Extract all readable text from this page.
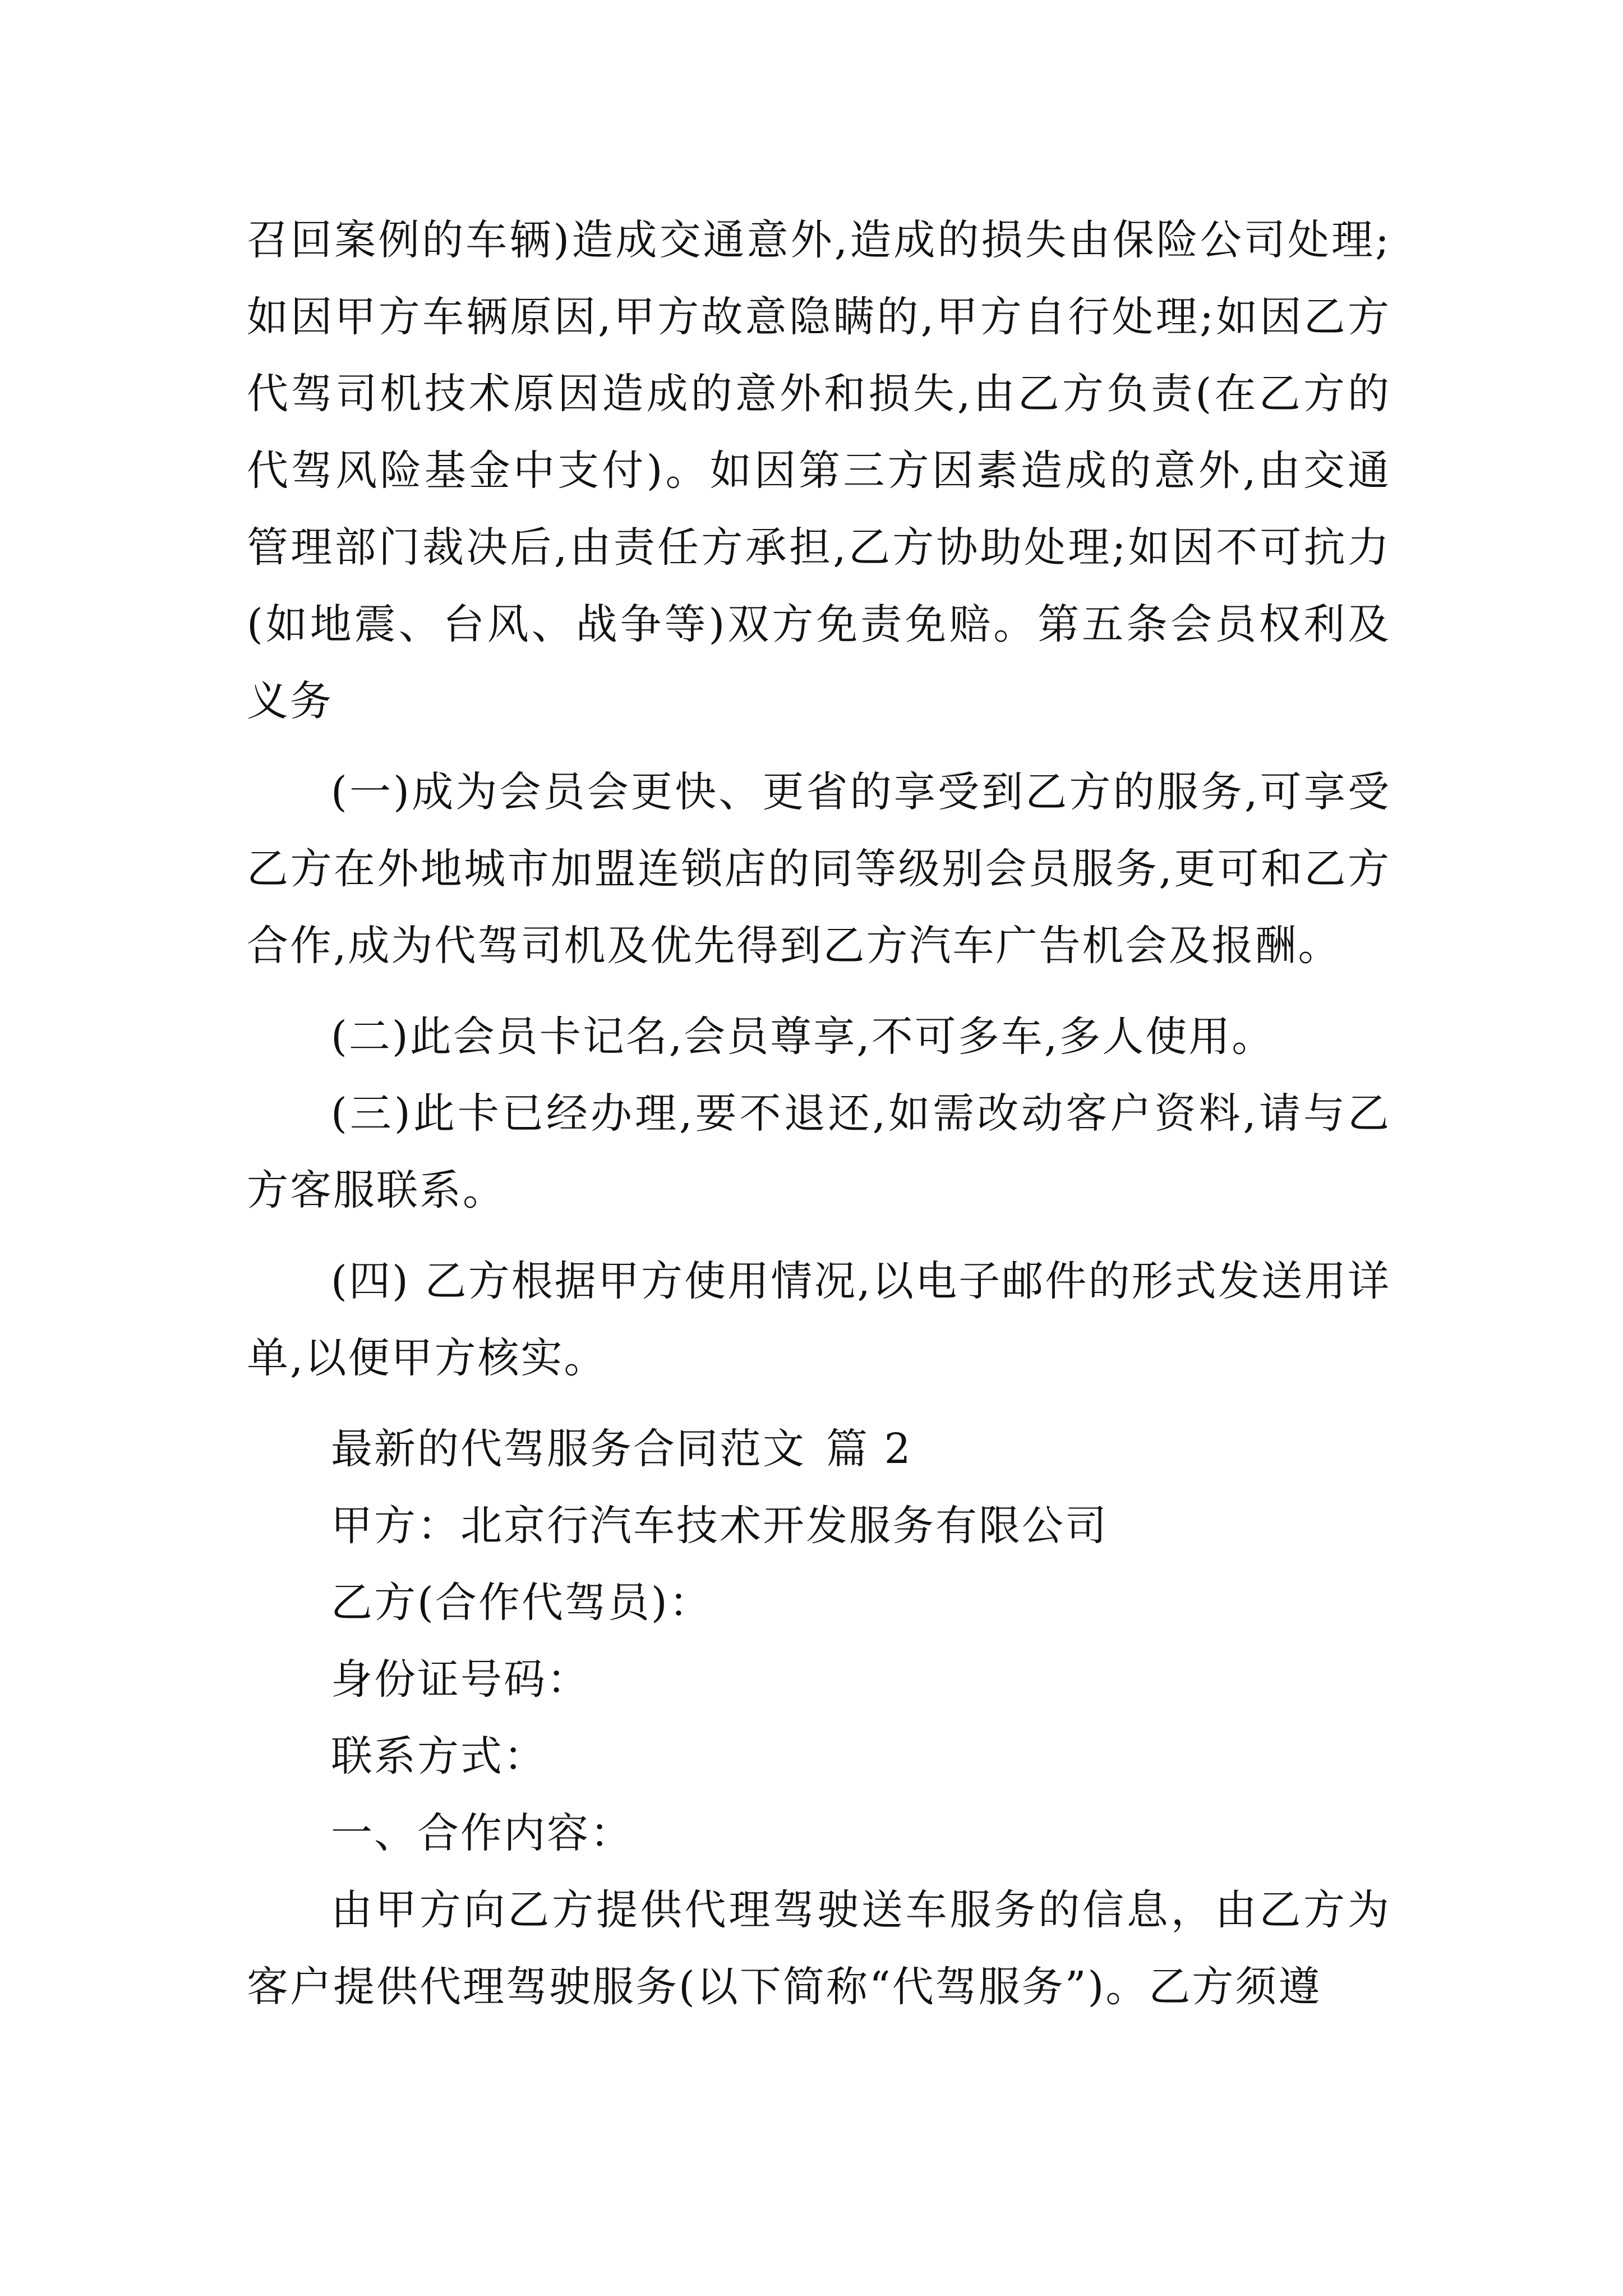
召回案例的车辆)造成交通意外,造成的损失由保险公司处理;如因甲方车辆原因,甲方故意隐瞒的,甲方自行处理;如因乙方代驾司机技术原因造成的意外和损失,由乙方负责(在乙方的代驾风险基金中支付)。如因第三方因素造成的意外,由交通管理部门裁决后,由责任方承担,乙方协助处理;如因不可抗力(如地震、台风、战争等)双方免责免赔。第五条会员权利及义务

(一)成为会员会更快、更省的享受到乙方的服务,可享受乙方在外地城市加盟连锁店的同等级别会员服务,更可和乙方合作,成为代驾司机及优先得到乙方汽车广告机会及报酬。

(二)此会员卡记名,会员尊享,不可多车,多人使用。

(三)此卡已经办理,要不退还,如需改动客户资料,请与乙方客服联系。

(四) 乙方根据甲方使用情况,以电子邮件的形式发送用详单,以便甲方核实。

最新的代驾服务合同范文 篇 2

甲方：北京行汽车技术开发服务有限公司

乙方(合作代驾员)：

身份证号码：

联系方式：

一、合作内容：

由甲方向乙方提供代理驾驶送车服务的信息，由乙方为客户提供代理驾驶服务(以下简称“代驾服务”)。乙方须遵
